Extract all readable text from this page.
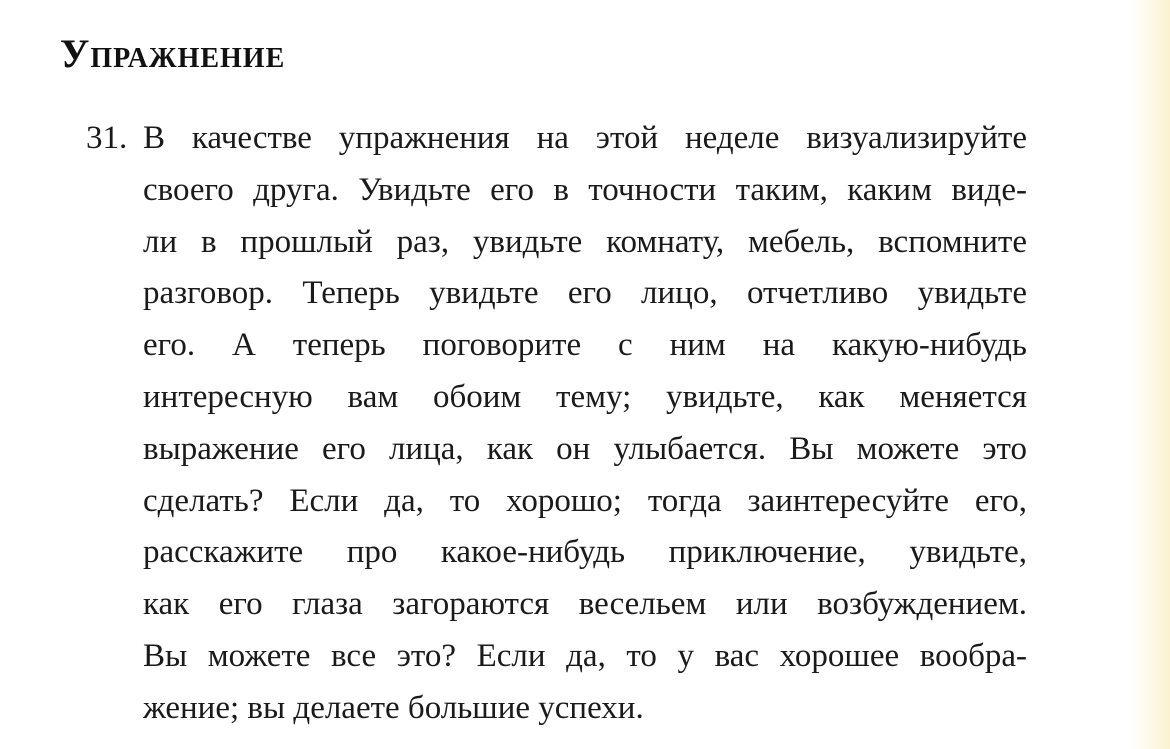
Упражнение
31. В качестве упражнения на этой неделе визуализируйте
своего друга. Увидьте его в точности таким, каким виде-
ли в прошлый раз, увидьте комнату, мебель, вспомните
разговор. Теперь увидьте его лицо, отчетливо увидьте
его. А теперь поговорите с ним на какую-нибудь
интересную вам обоим тему; увидьте, как меняется
выражение его лица, как он улыбается. Вы можете это
сделать? Если да, то хорошо; тогда заинтересуйте его,
расскажите про какое-нибудь приключение, увидьте,
как его глаза загораются весельем или возбуждением.
Вы можете все это? Если да, то у вас хорошее вообра-
жение; вы делаете большие успехи.
